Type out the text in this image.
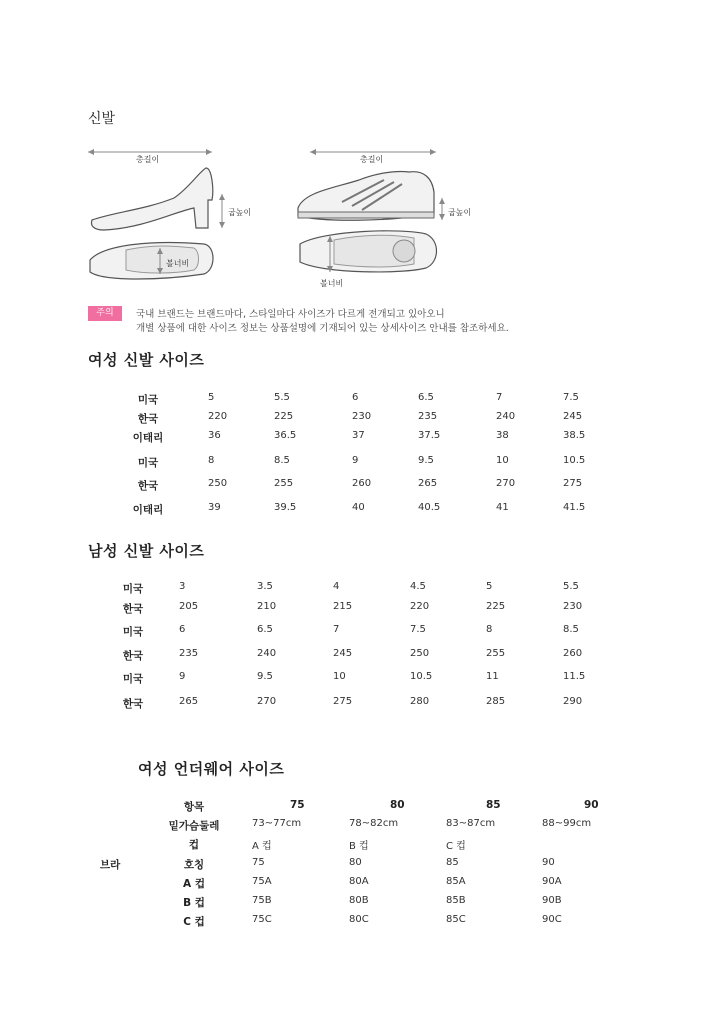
신발
총길이
굽높이
볼너비
총길이
굽높이
볼너비
주의	국내 브랜드는 브랜드마다, 스타일마다 사이즈가 다르게 전개되고 있아오니
개별 상품에 대한 사이즈 정보는 상품설명에 기재되어 있는 상세사이즈 안내를 참조하세요.
여성 신발 사이즈
미국	5	5.5	6	6.5	7	7.5
한국	220	225	230	235	240	245
이태리	36	36.5	37	37.5	38	38.5
미국	8	8.5	9	9.5	10	10.5
한국	250	255	260	265	270	275
이태리	39	39.5	40	40.5	41	41.5
남성 신발 사이즈
미국	3	3.5	4	4.5	5	5.5
한국	205	210	215	220	225	230
미국	6	6.5	7	7.5	8	8.5
한국	235	240	245	250	255	260
미국	9	9.5	10	10.5	11	11.5
한국	265	270	275	280	285	290
여성 언더웨어 사이즈
브라
항목	75	80	85	90
밑가슴둘레	73~77cm	78~82cm	83~87cm	88~99cm
컵	A 컵	B 컵	C 컵
호칭	75	80	85	90
A 컵	75A	80A	85A	90A
B 컵	75B	80B	85B	90B
C 컵	75C	80C	85C	90C
